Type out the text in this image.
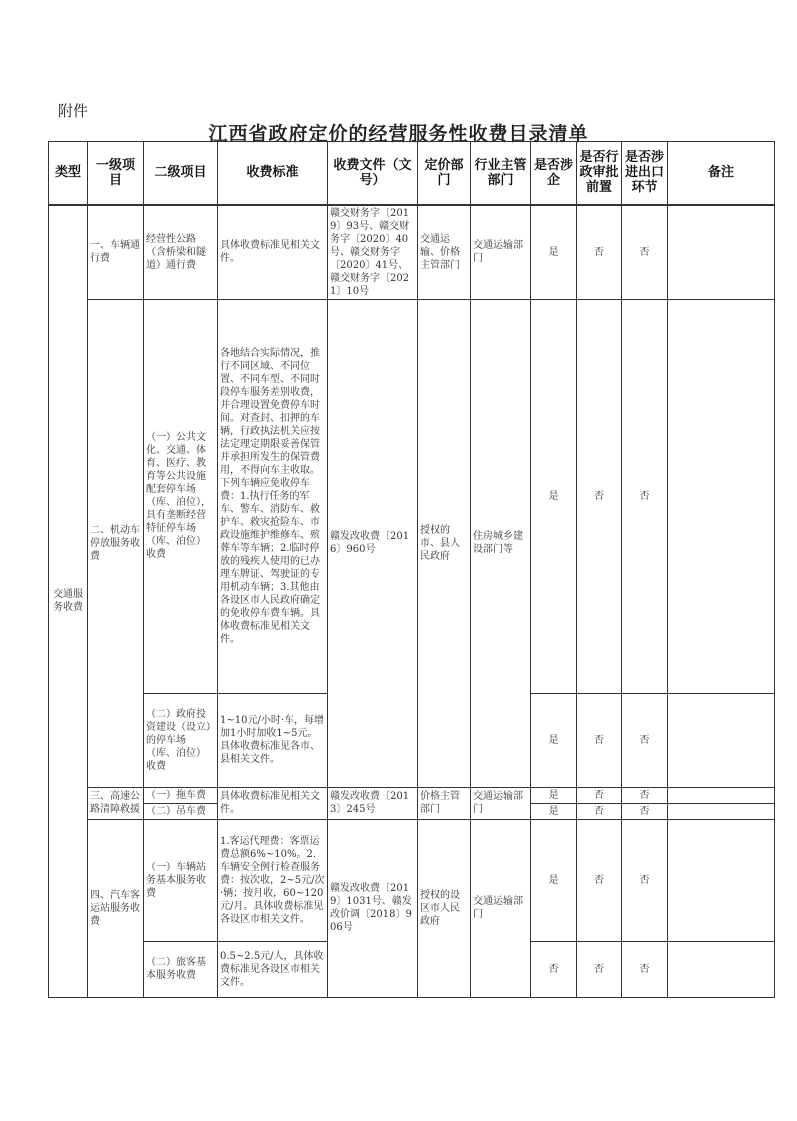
附件
江西省政府定价的经营服务性收费目录清单
类型	一级项目	二级项目	收费标准	收费文件（文号）	定价部门	行业主管部门	是否涉企	是否行政审批前置	是否涉进出口环节	备注
交通服务收费	一、车辆通行费	经营性公路（含桥梁和隧道）通行费	具体收费标准见相关文件。	赣交财务字〔2019〕93号、赣交财务字〔2020〕40号、赣交财务字〔2020〕41号、赣交财务字〔2021〕10号	交通运输、价格主管部门	交通运输部门	是	否	否	
	二、机动车停放服务收费	（一）公共文化、交通、体育、医疗、教育等公共设施配套停车场（库、泊位），具有垄断经营特征停车场（库、泊位）收费	各地结合实际情况，推行不同区域、不同位置、不同车型、不同时段停车服务差别收费，并合理设置免费停车时间。对查封、扣押的车辆，行政执法机关应按法定理定期限妥善保管并承担所发生的保管费用，不得向车主收取。下列车辆应免收停车费：1.执行任务的军车、警车、消防车、救护车、救灾抢险车、市政设施维护维修车、殡葬车等车辆；2.临时停放的残疾人使用的已办理车牌证、驾驶证的专用机动车辆；3.其他由各设区市人民政府确定的免收停车费车辆。具体收费标准见相关文件。	赣发改收费〔2016〕960号	授权的市、县人民政府	住房城乡建设部门等	是	否	否	
		（二）政府投资建设（设立）的停车场（库、泊位）收费	1~10元/小时·车，每增加1小时加收1~5元。具体收费标准见各市、县相关文件。				是	否	否	
	三、高速公路清障救援	（一）拖车费	具体收费标准见相关文件。	赣发改收费〔2013〕245号	价格主管部门	交通运输部门	是	否	否	
		（二）吊车费					是	否	否	
	四、汽车客运站服务收费	（一）车辆站务基本服务收费	1.客运代理费：客票运费总额6%~10%。2.车辆安全例行检查服务费：按次收，2~5元/次·辆；按月收，60~120元/月。具体收费标准见各设区市相关文件。	赣发改收费〔2019〕1031号、赣发改价调〔2018〕906号	授权的设区市人民政府	交通运输部门	是	否	否	
		（二）旅客基本服务收费	0.5~2.5元/人，具体收费标准见各设区市相关文件。				否	否	否	
